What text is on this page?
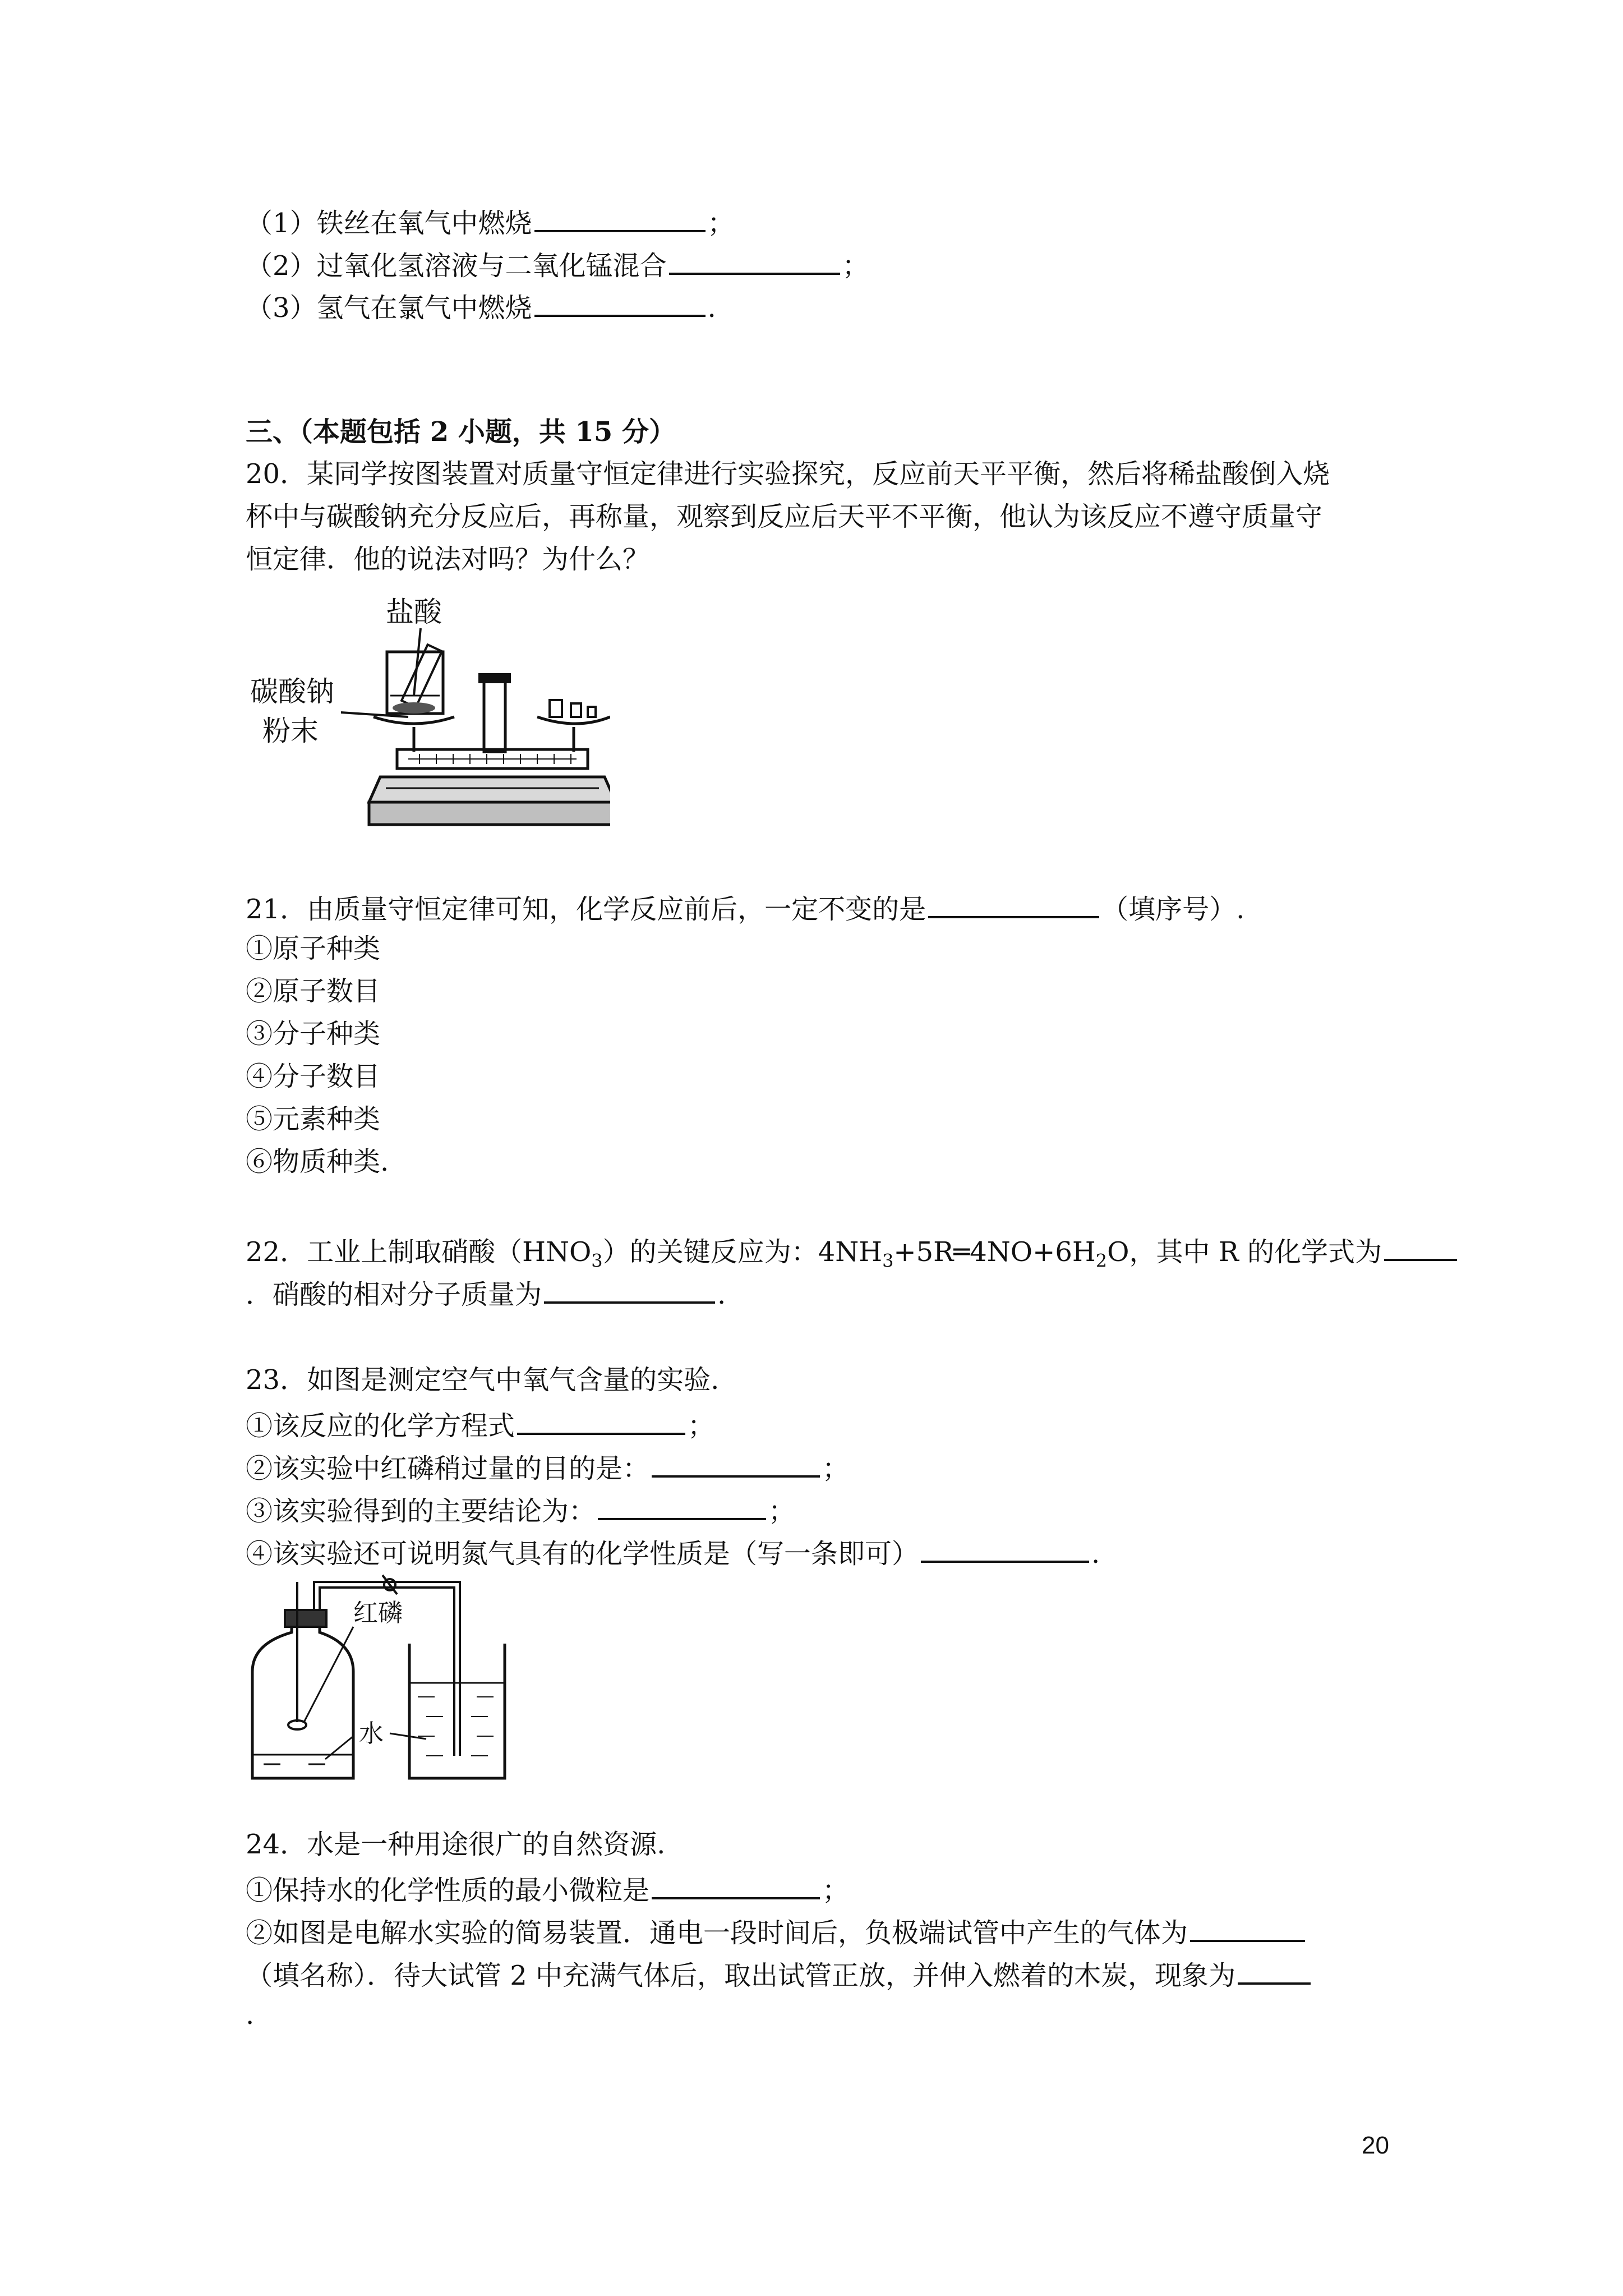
（1）铁丝在氧气中燃烧	；
（2）过氧化氢溶液与二氧化锰混合	；
（3）氢气在氯气中燃烧	.
三、（本题包括 2 小题，共 15 分）
20．某同学按图装置对质量守恒定律进行实验探究，反应前天平平衡，然后将稀盐酸倒入烧
杯中与碳酸钠充分反应后，再称量，观察到反应后天平不平衡，他认为该反应不遵守质量守
恒定律．他的说法对吗？为什么？
盐酸
碳酸钠
粉末
21．由质量守恒定律可知，化学反应前后，一定不变的是	（填序号）.
①原子种类
②原子数目
③分子种类
④分子数目
⑤元素种类
⑥物质种类.
22．工业上制取硝酸$(HNO_3)$的关键反应为：$4NH_3+5R═4NO+6H_2O$，其中 R 的化学式为
．硝酸的相对分子质量为	.
23．如图是测定空气中氧气含量的实验.
①该反应的化学方程式	；
②该实验中红磷稍过量的目的是：	；
③该实验得到的主要结论为：	；
④该实验还可说明氮气具有的化学性质是（写一条即可）	.
红磷
水
24．水是一种用途很广的自然资源.
①保持水的化学性质的最小微粒是	；
②如图是电解水实验的简易装置．通电一段时间后，负极端试管中产生的气体为
（填名称）．待大试管 2 中充满气体后，取出试管正放，并伸入燃着的木炭，现象为
.
20
